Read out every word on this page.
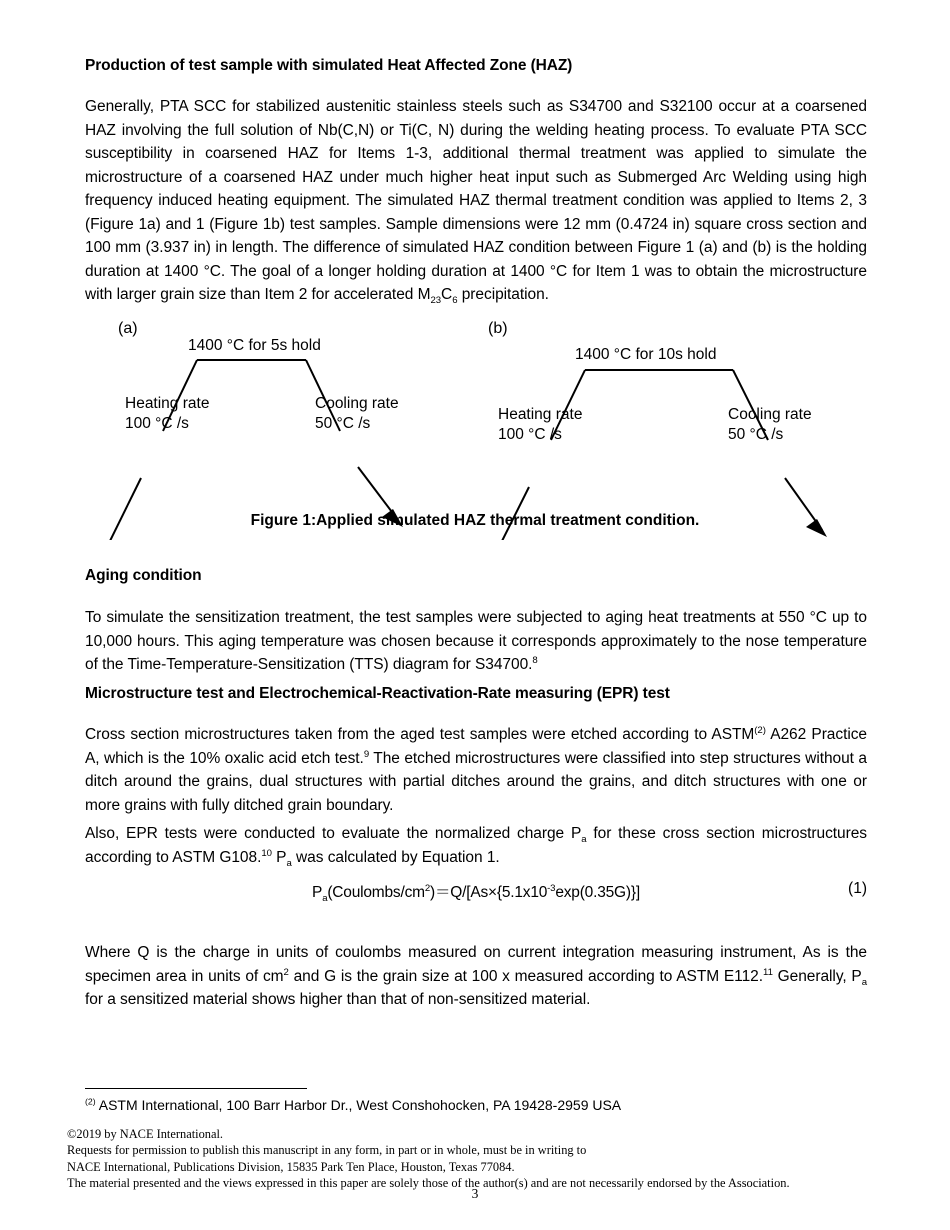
Production of test sample with simulated Heat Affected Zone (HAZ)

Generally, PTA SCC for stabilized austenitic stainless steels such as S34700 and S32100 occur at a coarsened HAZ involving the full solution of Nb(C,N) or Ti(C, N) during the welding heating process. To evaluate PTA SCC susceptibility in coarsened HAZ for Items 1-3, additional thermal treatment was applied to simulate the microstructure of a coarsened HAZ under much higher heat input such as Submerged Arc Welding using high frequency induced heating equipment. The simulated HAZ thermal treatment condition was applied to Items 2, 3 (Figure 1a) and 1 (Figure 1b) test samples. Sample dimensions were 12 mm (0.4724 in) square cross section and 100 mm (3.937 in) in length. The difference of simulated HAZ condition between Figure 1 (a) and (b) is the holding duration at 1400 °C. The goal of a longer holding duration at 1400 °C for Item 1 was to obtain the microstructure with larger grain size than Item 2 for accelerated $M_{23}C_6$ precipitation.

(a)
1400 °C for 5s hold
Heating rate
100 °C /s
Cooling rate
50 °C /s
(b)
1400 °C for 10s hold
Heating rate
100 °C /s
Cooling rate
50 °C /s
Figure 1:Applied simulated HAZ thermal treatment condition.
Aging condition

To simulate the sensitization treatment, the test samples were subjected to aging heat treatments at 550 °C up to 10,000 hours. This aging temperature was chosen because it corresponds approximately to the nose temperature of the Time-Temperature-Sensitization (TTS) diagram for S34700.$^8$

Microstructure test and Electrochemical-Reactivation-Rate measuring (EPR) test

Cross section microstructures taken from the aged test samples were etched according to ASTM$^{(2)}$ A262 Practice A, which is the 10% oxalic acid etch test.$^9$ The etched microstructures were classified into step structures without a ditch around the grains, dual structures with partial ditches around the grains, and ditch structures with one or more grains with fully ditched grain boundary.

Also, EPR tests were conducted to evaluate the normalized charge $P_a$ for these cross section microstructures according to ASTM G108.10 $P_a$ was calculated by Equation 1.

$P_a(Coulombs/cm^2)=Q/[As\times\{5.1x10^{-3}\exp(0.35G)\}]$	(1)

Where Q is the charge in units of coulombs measured on current integration measuring instrument, As is the specimen area in units of $cm^2$ and G is the grain size at 100 x measured according to ASTM E112.11 Generally, $P_a$ for a sensitized material shows higher than that of non-sensitized material.

$^{(2)}$ ASTM International, 100 Barr Harbor Dr., West Conshohocken, PA 19428-2959 USA
©2019 by NACE International.
Requests for permission to publish this manuscript in any form, in part or in whole, must be in writing to
NACE International, Publications Division, 15835 Park Ten Place, Houston, Texas 77084.
The material presented and the views expressed in this paper are solely those of the author(s) and are not necessarily endorsed by the Association.
3
